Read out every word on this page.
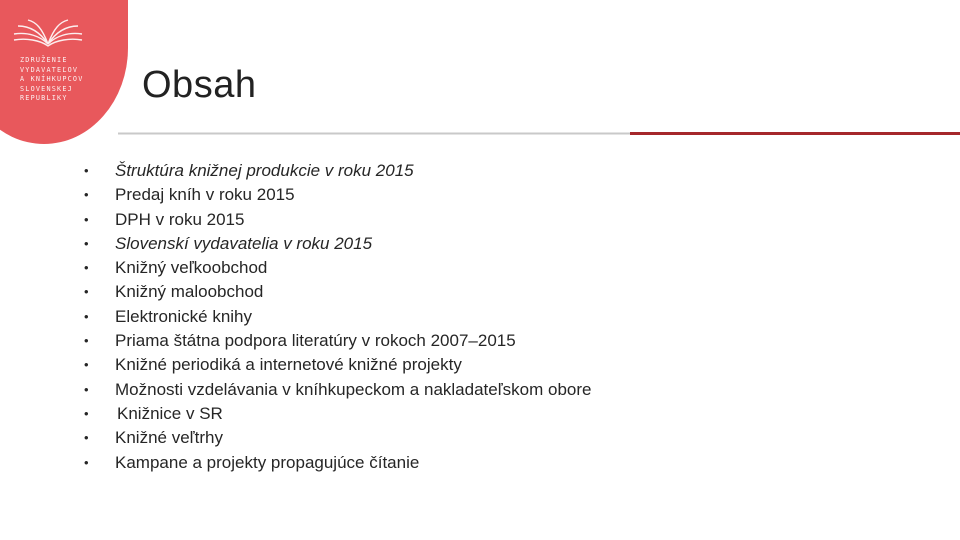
ZDRUŽENIE
VYDAVATEĽOV
A KNÍHKUPCOV
SLOVENSKEJ
REPUBLIKY	Obsah
•	Štruktúra knižnej produkcie v roku 2015
•	Predaj kníh v roku 2015
•	DPH v roku 2015
•	Slovenskí vydavatelia v roku 2015
•	Knižný veľkoobchod
•	Knižný maloobchod
•	Elektronické knihy
•	Priama štátna podpora literatúry v rokoch 2007–2015
•	Knižné periodiká a internetové knižné projekty
•	Možnosti vzdelávania v kníhkupeckom a nakladateľskom obore
•	Knižnice v SR
•	Knižné veľtrhy
•	Kampane a projekty propagujúce čítanie
